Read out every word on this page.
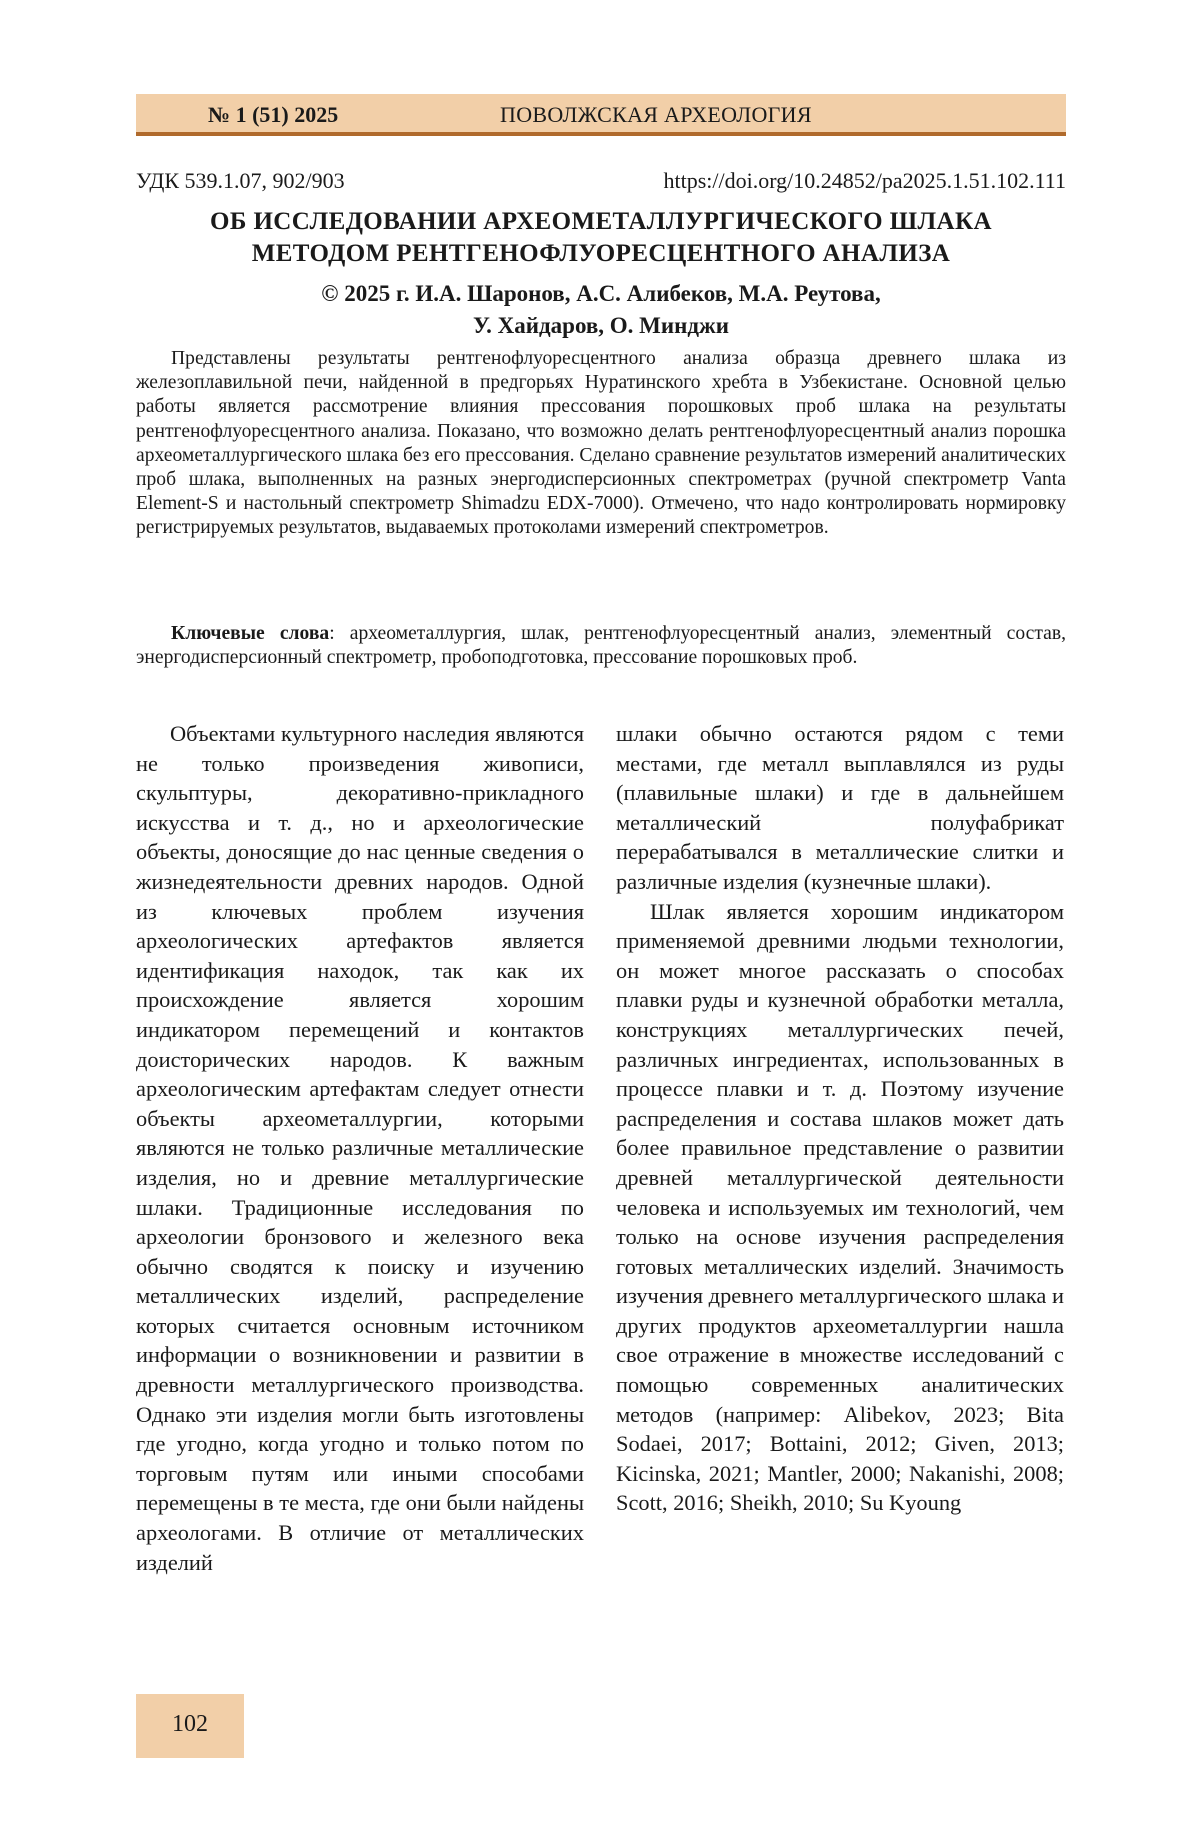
№ 1 (51) 2025	ПОВОЛЖСКАЯ АРХЕОЛОГИЯ
УДК 539.1.07, 902/903	https://doi.org/10.24852/pa2025.1.51.102.111
ОБ ИССЛЕДОВАНИИ АРХЕОМЕТАЛЛУРГИЧЕСКОГО ШЛАКА
МЕТОДОМ РЕНТГЕНОФЛУОРЕСЦЕНТНОГО АНАЛИЗА
© 2025 г. И.А. Шаронов, А.С. Алибеков, М.А. Реутова,
У. Хайдаров, О. Минджи

Представлены результаты рентгенофлуоресцентного анализа образца древнего шлака из железоплавильной печи, найденной в предгорьях Нуратинского хребта в Узбекистане. Основной целью работы является рассмотрение влияния прессования порошковых проб шлака на результаты рентгенофлуоресцентного анализа. Показано, что возможно делать рентгенофлуоресцентный анализ порошка археометаллургического шлака без его прессования. Сделано сравнение результатов измерений аналитических проб шлака, выполненных на разных энергодисперсионных спектрометрах (ручной спектрометр Vanta Element-S и настольный спектрометр Shimadzu EDX-7000). Отмечено, что надо контролировать нормировку регистрируемых результатов, выдаваемых протоколами измерений спектрометров.

Ключевые слова: археометаллургия, шлак, рентгенофлуоресцентный анализ, элементный состав, энергодисперсионный спектрометр, пробоподготовка, прессование порошковых проб.

Объектами культурного наследия являются не только произведения живописи, скульптуры, декоративно-прикладного искусства и т. д., но и археологические объекты, доносящие до нас ценные сведения о жизнедеятельности древних народов. Одной из ключевых проблем изучения археологических артефактов является идентификация находок, так как их происхождение является хорошим индикатором перемещений и контактов доисторических народов. К важным археологическим артефактам следует отнести объекты археометаллургии, которыми являются не только различные металлические изделия, но и древние металлургические шлаки. Традиционные исследования по археологии бронзового и железного века обычно сводятся к поиску и изучению металлических изделий, распределение которых считается основным источником информации о возникновении и развитии в древности металлургического производства. Однако эти изделия могли быть изготовлены где угодно, когда угодно и только потом по торговым путям или иными способами перемещены в те места, где они были найдены археологами. В отличие от металлических изделий

шлаки обычно остаются рядом с теми местами, где металл выплавлялся из руды (плавильные шлаки) и где в дальнейшем металлический полуфабрикат перерабатывался в металлические слитки и различные изделия (кузнечные шлаки).

Шлак является хорошим индикатором применяемой древними людьми технологии, он может многое рассказать о способах плавки руды и кузнечной обработки металла, конструкциях металлургических печей, различных ингредиентах, использованных в процессе плавки и т. д. Поэтому изучение распределения и состава шлаков может дать более правильное представление о развитии древней металлургической деятельности человека и используемых им технологий, чем только на основе изучения распределения готовых металлических изделий. Значимость изучения древнего металлургического шлака и других продуктов археометаллургии нашла свое отражение в множестве исследований с помощью современных аналитических методов (например: Alibekov, 2023; Bita Sodaei, 2017; Bottaini, 2012; Given, 2013; Kicinska, 2021; Mantler, 2000; Nakanishi, 2008; Scott, 2016; Sheikh, 2010; Su Kyoung

102
